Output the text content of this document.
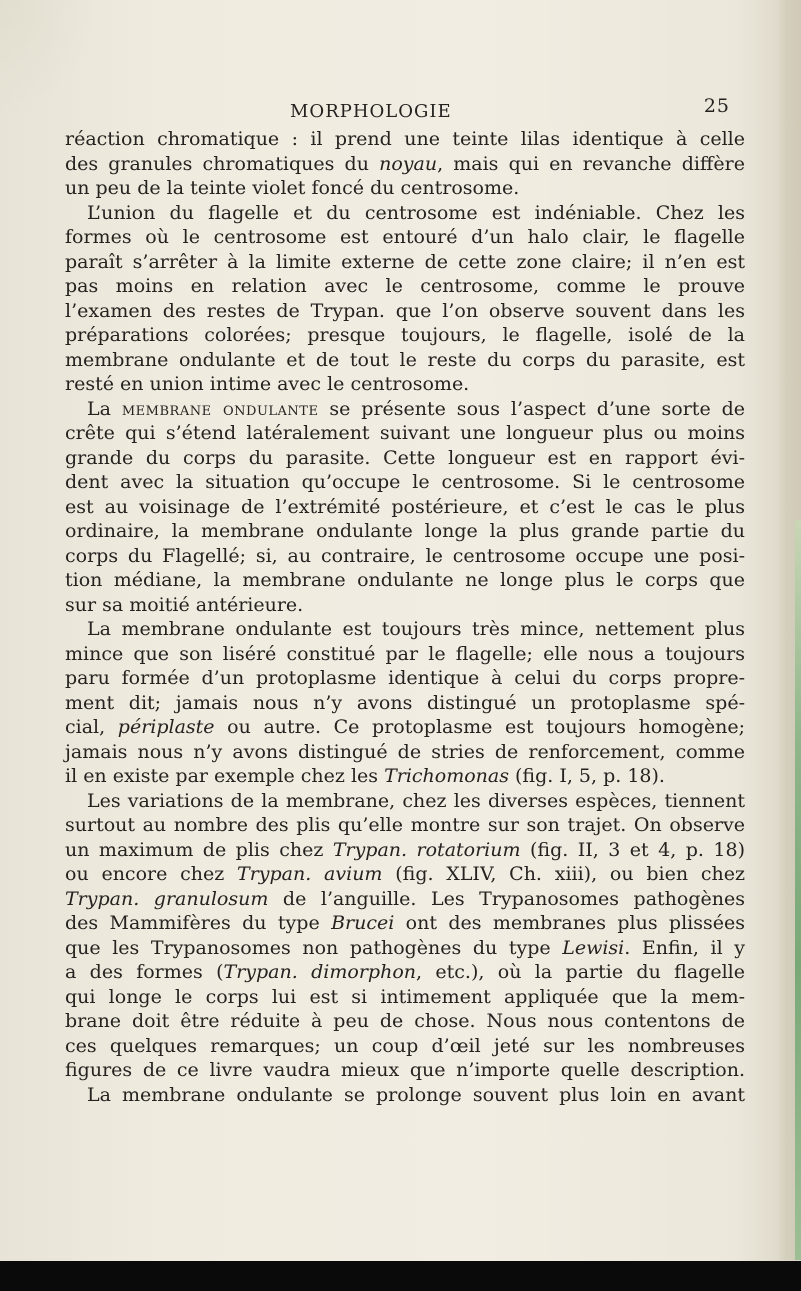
MORPHOLOGIE	25
réaction chromatique : il prend une teinte lilas identique à celle
des granules chromatiques du noyau, mais qui en revanche diffère
un peu de la teinte violet foncé du centrosome.
L’union du flagelle et du centrosome est indéniable. Chez les
formes où le centrosome est entouré d’un halo clair, le flagelle
paraît s’arrêter à la limite externe de cette zone claire; il n’en est
pas moins en relation avec le centrosome, comme le prouve
l’examen des restes de Trypan. que l’on observe souvent dans les
préparations colorées; presque toujours, le flagelle, isolé de la
membrane ondulante et de tout le reste du corps du parasite, est
resté en union intime avec le centrosome.
La membrane ondulante se présente sous l’aspect d’une sorte de
crête qui s’étend latéralement suivant une longueur plus ou moins
grande du corps du parasite. Cette longueur est en rapport évi-
dent avec la situation qu’occupe le centrosome. Si le centrosome
est au voisinage de l’extrémité postérieure, et c’est le cas le plus
ordinaire, la membrane ondulante longe la plus grande partie du
corps du Flagellé; si, au contraire, le centrosome occupe une posi-
tion médiane, la membrane ondulante ne longe plus le corps que
sur sa moitié antérieure.
La membrane ondulante est toujours très mince, nettement plus
mince que son liséré constitué par le flagelle; elle nous a toujours
paru formée d’un protoplasme identique à celui du corps propre-
ment dit; jamais nous n’y avons distingué un protoplasme spé-
cial, périplaste ou autre. Ce protoplasme est toujours homogène;
jamais nous n’y avons distingué de stries de renforcement, comme
il en existe par exemple chez les Trichomonas (fig. I, 5, p. 18).
Les variations de la membrane, chez les diverses espèces, tiennent
surtout au nombre des plis qu’elle montre sur son trajet. On observe
un maximum de plis chez Trypan. rotatorium (fig. II, 3 et 4, p. 18)
ou encore chez Trypan. avium (fig. XLIV, Ch. xiii), ou bien chez
Trypan. granulosum de l’anguille. Les Trypanosomes pathogènes
des Mammifères du type Brucei ont des membranes plus plissées
que les Trypanosomes non pathogènes du type Lewisi. Enfin, il y
a des formes (Trypan. dimorphon, etc.), où la partie du flagelle
qui longe le corps lui est si intimement appliquée que la mem-
brane doit être réduite à peu de chose. Nous nous contentons de
ces quelques remarques; un coup d’œil jeté sur les nombreuses
figures de ce livre vaudra mieux que n’importe quelle description.
La membrane ondulante se prolonge souvent plus loin en avant
